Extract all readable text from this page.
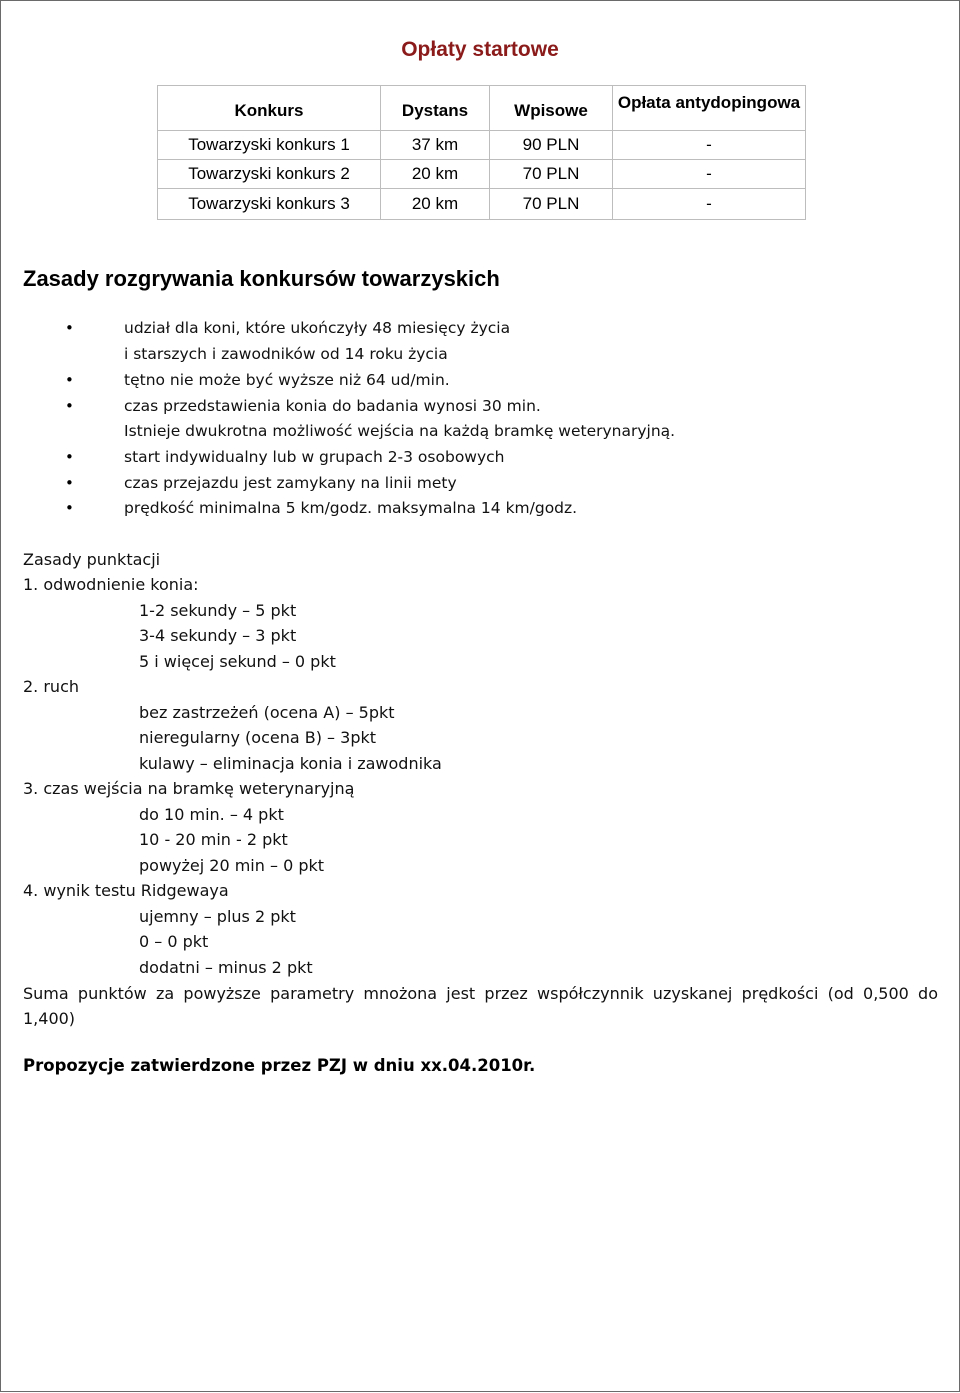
Opłaty startowe
Konkurs	Dystans	Wpisowe	Opłata antydopingowa
Towarzyski konkurs 1	37 km	90 PLN	-
Towarzyski konkurs 2	20 km	70 PLN	-
Towarzyski konkurs 3	20 km	70 PLN	-
Zasady rozgrywania konkursów towarzyskich
•	udział dla koni, które ukończyły 48 miesięcy życia
i starszych i zawodników od 14 roku życia
•	tętno nie może być wyższe niż 64 ud/min.
•	czas przedstawienia konia do badania wynosi 30 min.
Istnieje dwukrotna możliwość wejścia na każdą bramkę weterynaryjną.
•	start indywidualny lub w grupach 2-3 osobowych
•	czas przejazdu jest zamykany na linii mety
•	prędkość minimalna 5 km/godz. maksymalna 14 km/godz.
Zasady punktacji
1. odwodnienie konia:
1-2 sekundy – 5 pkt
3-4 sekundy – 3 pkt
5 i więcej sekund – 0 pkt
2. ruch
bez zastrzeżeń (ocena A) – 5pkt
nieregularny (ocena B) – 3pkt
kulawy – eliminacja konia i zawodnika
3. czas wejścia na bramkę weterynaryjną
do 10 min. – 4 pkt
10 - 20 min - 2 pkt
powyżej 20 min – 0 pkt
4. wynik testu Ridgewaya
ujemny – plus 2 pkt
0 – 0 pkt
dodatni – minus 2 pkt
Suma punktów za powyższe parametry mnożona jest przez współczynnik uzyskanej prędkości (od 0,500 do 1,400)
Propozycje zatwierdzone przez PZJ w dniu xx.04.2010r.
